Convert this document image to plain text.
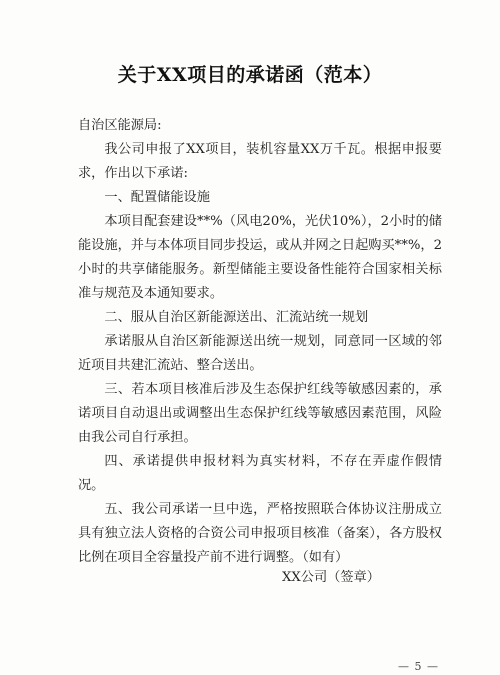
关于XX项目的承诺函（范本）
自治区能源局:

我公司申报了XX项目，装机容量XX万千瓦。根据申报要求，作出以下承诺:

一、配置储能设施

本项目配套建设**%（风电20%，光伏10%），2小时的储能设施，并与本体项目同步投运，或从并网之日起购买**%，2小时的共享储能服务。新型储能主要设备性能符合国家相关标准与规范及本通知要求。

二、服从自治区新能源送出、汇流站统一规划

承诺服从自治区新能源送出统一规划，同意同一区域的邻近项目共建汇流站、整合送出。

三、若本项目核准后涉及生态保护红线等敏感因素的，承诺项目自动退出或调整出生态保护红线等敏感因素范围，风险由我公司自行承担。

四、承诺提供申报材料为真实材料，不存在弄虚作假情况。

五、我公司承诺一旦中选，严格按照联合体协议注册成立具有独立法人资格的合资公司申报项目核准（备案），各方股权比例在项目全容量投产前不进行调整。（如有）

XX公司（签章）
— 5 —
